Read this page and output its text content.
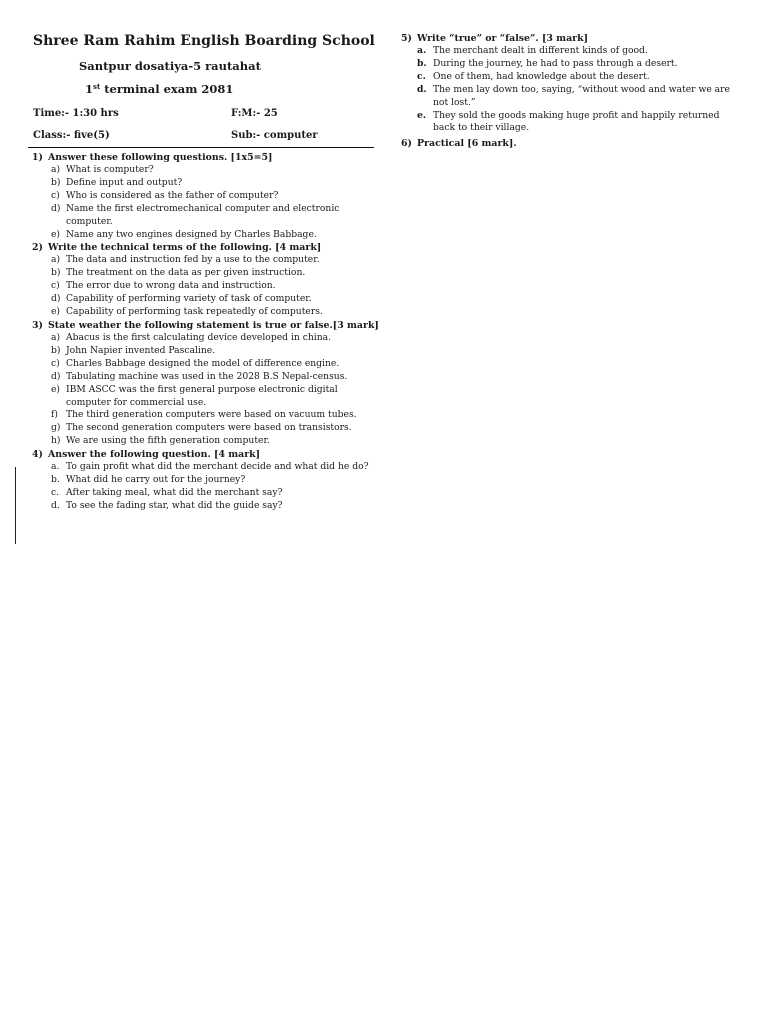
Shree Ram Rahim English Boarding School
Santpur dosatiya-5 rautahat
1st terminal exam 2081
Time:- 1:30 hrs	F:M:- 25
Class:- five(5)	Sub:- computer
1) Answer these following questions. [1x5=5]
a) What is computer?
b) Define input and output?
c) Who is considered as the father of computer?
d) Name the first electromechanical computer and electronic computer.
e) Name any two engines designed by Charles Babbage.
2) Write the technical terms of the following. [4 mark]
a) The data and instruction fed by a use to the computer.
b) The treatment on the data as per given instruction.
c) The error due to wrong data and instruction.
d) Capability of performing variety of task of computer.
e) Capability of performing task repeatedly of computers.
3) State weather the following statement is true or false.[3 mark]
a) Abacus is the first calculating device developed in china.
b) John Napier invented Pascaline.
c) Charles Babbage designed the model of difference engine.
d) Tabulating machine was used in the 2028 B.S Nepal-census.
e) IBM ASCC was the first general purpose electronic digital computer for commercial use.
f) The third generation computers were based on vacuum tubes.
g) The second generation computers were based on transistors.
h) We are using the fifth generation computer.
4) Answer the following question. [4 mark]
a. To gain profit what did the merchant decide and what did he do?
b. What did he carry out for the journey?
c. After taking meal, what did the merchant say?
d. To see the fading star, what did the guide say?
5) Write “true” or “false”. [3 mark]
a. The merchant dealt in different kinds of good.
b. During the journey, he had to pass through a desert.
c. One of them, had knowledge about the desert.
d. The men lay down too, saying, “without wood and water we are not lost.”
e. They sold the goods making huge profit and happily returned back to their village.
6) Practical [6 mark].
